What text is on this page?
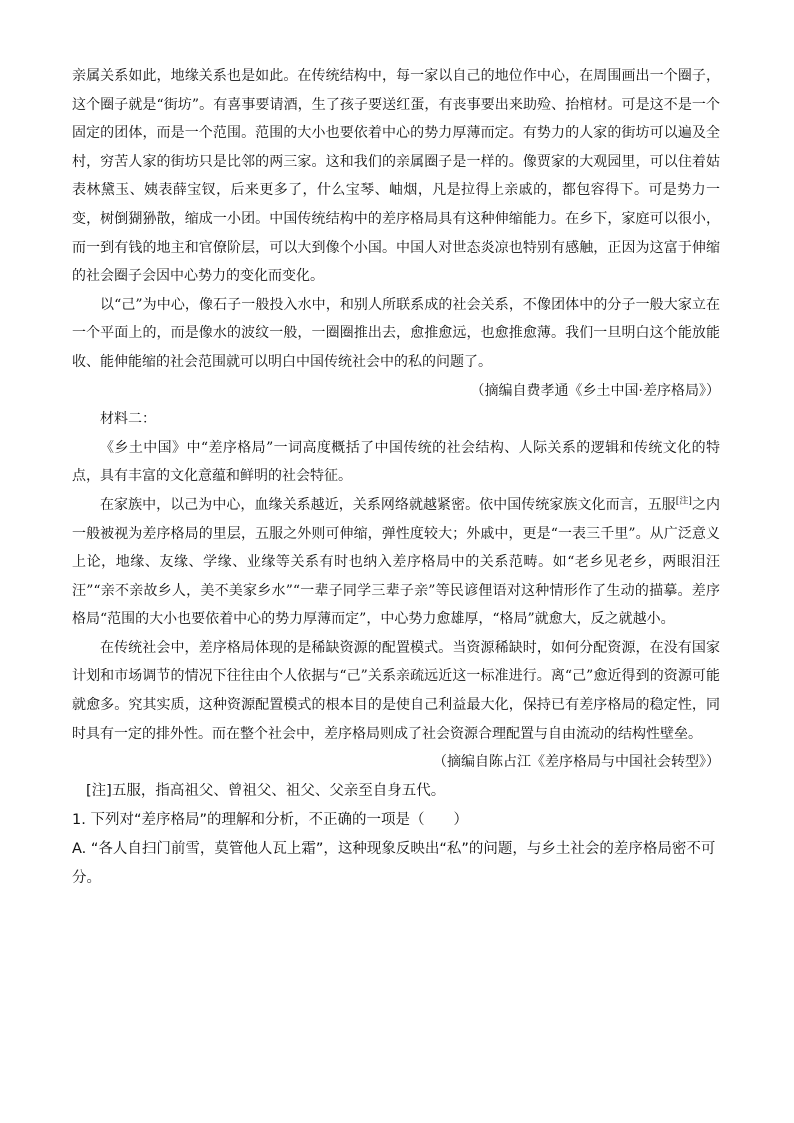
亲属关系如此，地缘关系也是如此。在传统结构中，每一家以自己的地位作中心，在周围画出一个圈子，这个圈子就是“街坊”。有喜事要请酒，生了孩子要送红蛋，有丧事要出来助殓、抬棺材。可是这不是一个固定的团体，而是一个范围。范围的大小也要依着中心的势力厚薄而定。有势力的人家的街坊可以遍及全村，穷苦人家的街坊只是比邻的两三家。这和我们的亲属圈子是一样的。像贾家的大观园里，可以住着姑表林黛玉、姨表薛宝钗，后来更多了，什么宝琴、岫烟，凡是拉得上亲戚的，都包容得下。可是势力一变，树倒猢狲散，缩成一小团。中国传统结构中的差序格局具有这种伸缩能力。在乡下，家庭可以很小，而一到有钱的地主和官僚阶层，可以大到像个小国。中国人对世态炎凉也特别有感触，正因为这富于伸缩的社会圈子会因中心势力的变化而变化。

以“己”为中心，像石子一般投入水中，和别人所联系成的社会关系，不像团体中的分子一般大家立在一个平面上的，而是像水的波纹一般，一圈圈推出去，愈推愈远，也愈推愈薄。我们一旦明白这个能放能收、能伸能缩的社会范围就可以明白中国传统社会中的私的问题了。

（摘编自费孝通《乡土中国·差序格局》）

材料二：

《乡土中国》中“差序格局”一词高度概括了中国传统的社会结构、人际关系的逻辑和传统文化的特点，具有丰富的文化意蕴和鲜明的社会特征。

在家族中，以己为中心，血缘关系越近，关系网络就越紧密。依中国传统家族文化而言，五服[注]之内一般被视为差序格局的里层，五服之外则可伸缩，弹性度较大；外戚中，更是“一表三千里”。从广泛意义上论，地缘、友缘、学缘、业缘等关系有时也纳入差序格局中的关系范畴。如“老乡见老乡，两眼泪汪汪”“亲不亲故乡人，美不美家乡水”“一辈子同学三辈子亲”等民谚俚语对这种情形作了生动的描摹。差序格局“范围的大小也要依着中心的势力厚薄而定”，中心势力愈雄厚，“格局”就愈大，反之就越小。

在传统社会中，差序格局体现的是稀缺资源的配置模式。当资源稀缺时，如何分配资源，在没有国家计划和市场调节的情况下往往由个人依据与“己”关系亲疏远近这一标准进行。离“己”愈近得到的资源可能就愈多。究其实质，这种资源配置模式的根本目的是使自己利益最大化，保持已有差序格局的稳定性，同时具有一定的排外性。而在整个社会中，差序格局则成了社会资源合理配置与自由流动的结构性壁垒。

（摘编自陈占江《差序格局与中国社会转型》）

[注]五服，指高祖父、曾祖父、祖父、父亲至自身五代。

1. 下列对“差序格局”的理解和分析，不正确的一项是（　　）

A. “各人自扫门前雪，莫管他人瓦上霜”，这种现象反映出“私”的问题，与乡土社会的差序格局密不可分。
